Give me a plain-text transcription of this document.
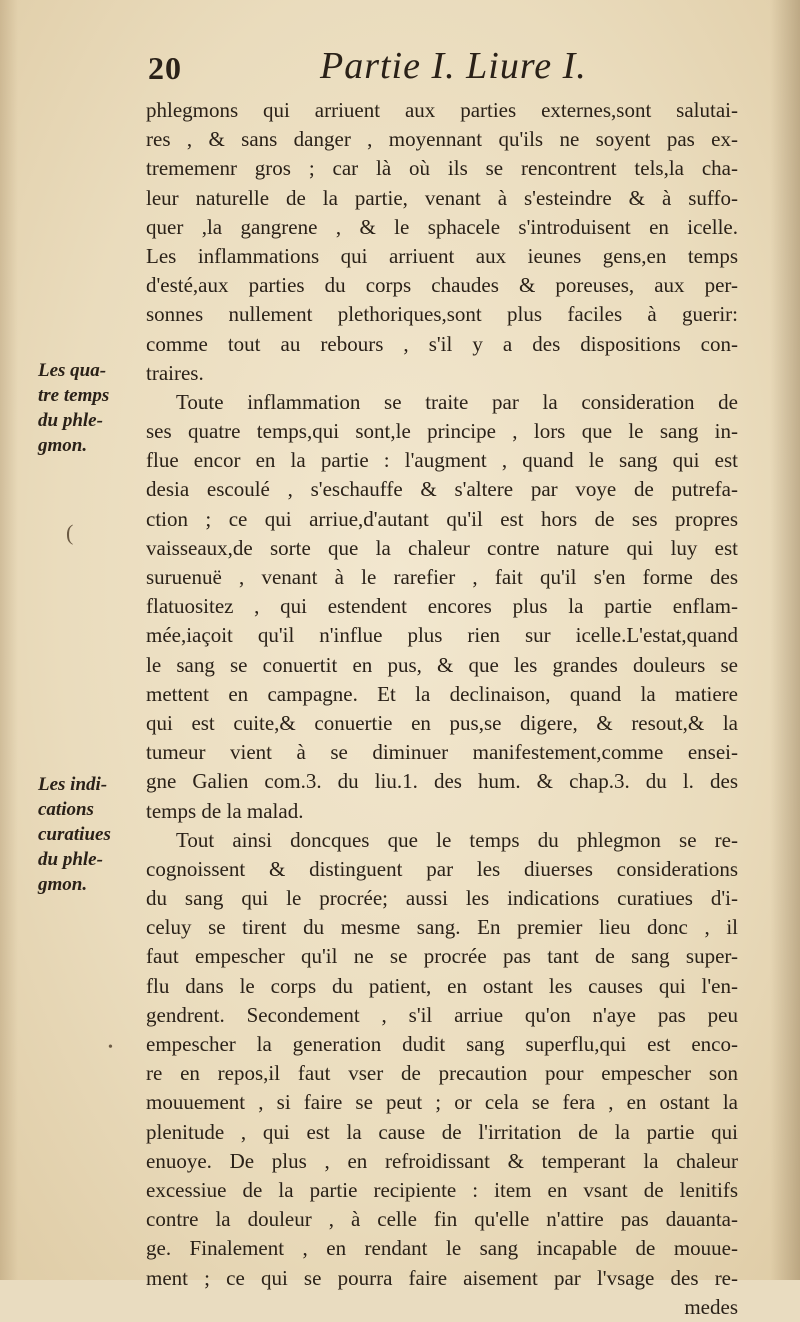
20	Partie I. Liure I.
Les qua-
tre temps
du phle-
gmon.
Les indi-
cations
curatiues
du phle-
gmon.
phlegmons qui arriuent aux parties externes,sont salutai-
res , & sans danger , moyennant qu'ils ne soyent pas ex-
trememenr gros ; car là où ils se rencontrent tels,la cha-
leur naturelle de la partie, venant à s'esteindre & à suffo-
quer ,la gangrene , & le sphacele s'introduisent en icelle.
Les inflammations qui arriuent aux ieunes gens,en temps
d'esté,aux parties du corps chaudes & poreuses, aux per-
sonnes nullement plethoriques,sont plus faciles à guerir:
comme tout au rebours , s'il y a des dispositions con-
traires.
Toute inflammation se traite par la consideration de
ses quatre temps,qui sont,le principe , lors que le sang in-
flue encor en la partie : l'augment , quand le sang qui est
desia escoulé , s'eschauffe & s'altere par voye de putrefa-
ction ; ce qui arriue,d'autant qu'il est hors de ses propres
vaisseaux,de sorte que la chaleur contre nature qui luy est
suruenuë , venant à le rarefier , fait qu'il s'en forme des
flatuositez , qui estendent encores plus la partie enflam-
mée,iaçoit qu'il n'influe plus rien sur icelle.L'estat,quand
le sang se conuertit en pus, & que les grandes douleurs se
mettent en campagne. Et la declinaison, quand la matiere
qui est cuite,& conuertie en pus,se digere, & resout,& la
tumeur vient à se diminuer manifestement,comme ensei-
gne Galien com.3. du liu.1. des hum. & chap.3. du l. des
temps de la malad.
Tout ainsi doncques que le temps du phlegmon se re-
cognoissent & distinguent par les diuerses considerations
du sang qui le procrée; aussi les indications curatiues d'i-
celuy se tirent du mesme sang. En premier lieu donc , il
faut empescher qu'il ne se procrée pas tant de sang super-
flu dans le corps du patient, en ostant les causes qui l'en-
gendrent. Secondement , s'il arriue qu'on n'aye pas peu
empescher la generation dudit sang superflu,qui est enco-
re en repos,il faut vser de precaution pour empescher son
mouuement , si faire se peut ; or cela se fera , en ostant la
plenitude , qui est la cause de l'irritation de la partie qui
enuoye. De plus , en refroidissant & temperant la chaleur
excessiue de la partie recipiente : item en vsant de lenitifs
contre la douleur , à celle fin qu'elle n'attire pas dauanta-
ge. Finalement , en rendant le sang incapable de mouue-
ment ; ce qui se pourra faire aisement par l'vsage des re-
medes
(
•
